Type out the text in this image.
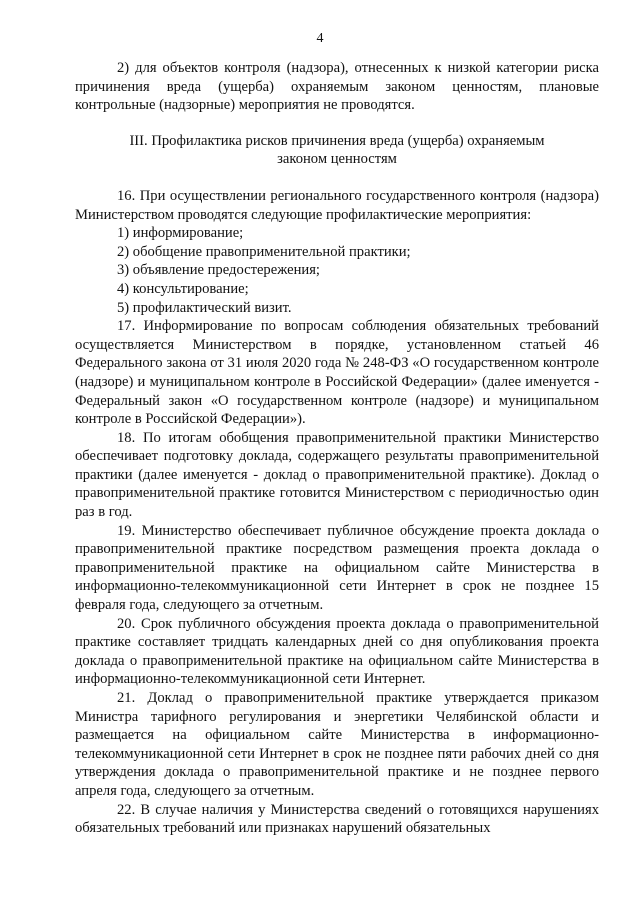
4

2) для объектов контроля (надзора), отнесенных к низкой категории риска причинения вреда (ущерба) охраняемым законом ценностям, плановые контрольные (надзорные) мероприятия не проводятся.

III. Профилактика рисков причинения вреда (ущерба) охраняемым законом ценностям

16. При осуществлении регионального государственного контроля (надзора) Министерством проводятся следующие профилактические мероприятия:

1) информирование;

2) обобщение правоприменительной практики;

3) объявление предостережения;

4) консультирование;

5) профилактический визит.

17. Информирование по вопросам соблюдения обязательных требований осуществляется Министерством в порядке, установленном статьей 46 Федерального закона от 31 июля 2020 года № 248-ФЗ «О государственном контроле (надзоре) и муниципальном контроле в Российской Федерации» (далее именуется - Федеральный закон «О государственном контроле (надзоре) и муниципальном контроле в Российской Федерации»).

18. По итогам обобщения правоприменительной практики Министерство обеспечивает подготовку доклада, содержащего результаты правоприменительной практики (далее именуется - доклад о правоприменительной практике). Доклад о правоприменительной практике готовится Министерством с периодичностью один раз в год.

19. Министерство обеспечивает публичное обсуждение проекта доклада о правоприменительной практике посредством размещения проекта доклада о правоприменительной практике на официальном сайте Министерства в информационно-телекоммуникационной сети Интернет в срок не позднее 15 февраля года, следующего за отчетным.

20. Срок публичного обсуждения проекта доклада о правоприменительной практике составляет тридцать календарных дней со дня опубликования проекта доклада о правоприменительной практике на официальном сайте Министерства в информационно-телекоммуникационной сети Интернет.

21. Доклад о правоприменительной практике утверждается приказом Министра тарифного регулирования и энергетики Челябинской области и размещается на официальном сайте Министерства в информационно-телекоммуникационной сети Интернет в срок не позднее пяти рабочих дней со дня утверждения доклада о правоприменительной практике и не позднее первого апреля года, следующего за отчетным.

22. В случае наличия у Министерства сведений о готовящихся нарушениях обязательных требований или признаках нарушений обязательных
